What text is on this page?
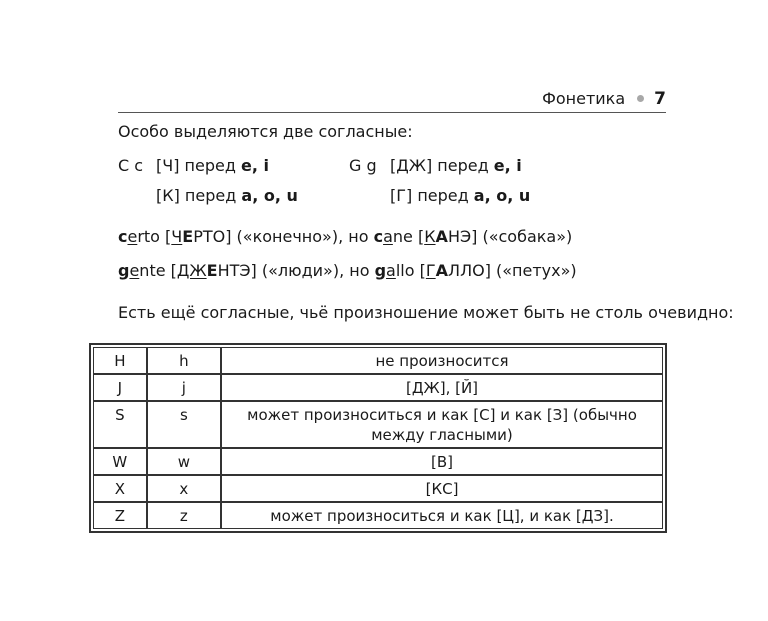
Фонетика 7
Особо выделяются две согласные:
C c [Ч] перед e, i
[К] перед a, o, u
G g [ДЖ] перед e, i
[Г] перед a, o, u
certo [ЧЕРТО] («конечно»), но cane [КАНЭ] («собака»)
gente [ДЖЕНТЭ] («люди»), но gallo [ГАЛЛО] («петух»)
Есть ещё согласные, чьё произношение может быть не столь очевидно:
H	h	не произносится
J	j	[ДЖ], [Й]
S	s	может произноситься и как [С] и как [З] (обычно между гласными)
W	w	[В]
X	x	[КС]
Z	z	может произноситься и как [Ц], и как [ДЗ].
